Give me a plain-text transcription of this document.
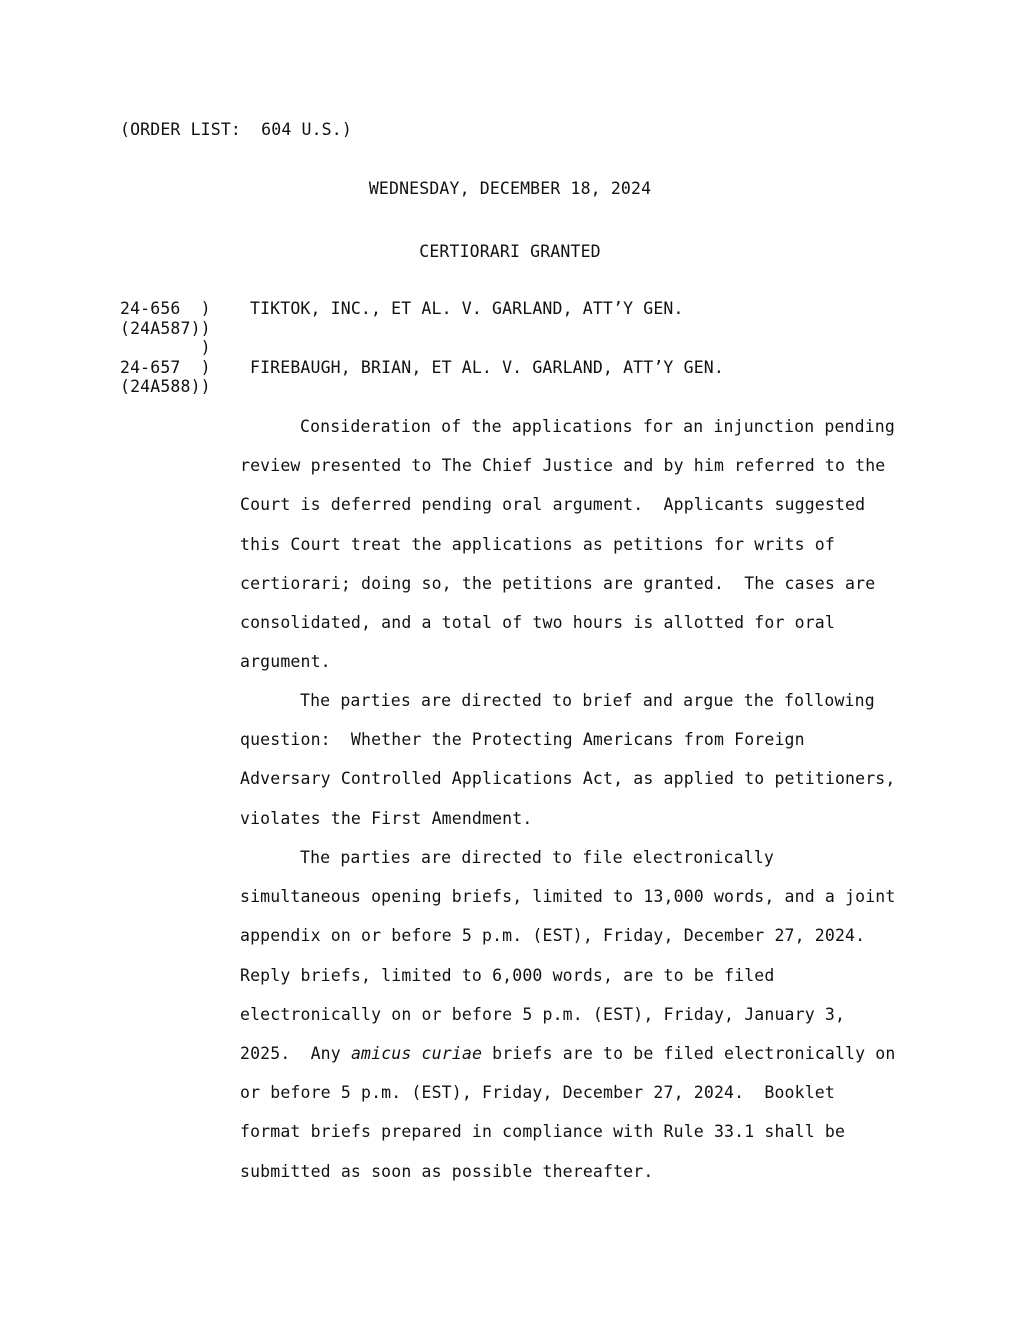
(ORDER LIST:  604 U.S.)
WEDNESDAY, DECEMBER 18, 2024
CERTIORARI GRANTED
24-656  )
(24A587))
)
24-657  )
(24A588))
TIKTOK, INC., ET AL. V. GARLAND, ATT’Y GEN.
FIREBAUGH, BRIAN, ET AL. V. GARLAND, ATT’Y GEN.
Consideration of the applications for an injunction pending
review presented to The Chief Justice and by him referred to the
Court is deferred pending oral argument.  Applicants suggested
this Court treat the applications as petitions for writs of
certiorari; doing so, the petitions are granted.  The cases are
consolidated, and a total of two hours is allotted for oral
argument.
The parties are directed to brief and argue the following
question:  Whether the Protecting Americans from Foreign
Adversary Controlled Applications Act, as applied to petitioners,
violates the First Amendment.
The parties are directed to file electronically
simultaneous opening briefs, limited to 13,000 words, and a joint
appendix on or before 5 p.m. (EST), Friday, December 27, 2024.
Reply briefs, limited to 6,000 words, are to be filed
electronically on or before 5 p.m. (EST), Friday, January 3,
2025.  Any amicus curiae briefs are to be filed electronically on
or before 5 p.m. (EST), Friday, December 27, 2024.  Booklet
format briefs prepared in compliance with Rule 33.1 shall be
submitted as soon as possible thereafter.
